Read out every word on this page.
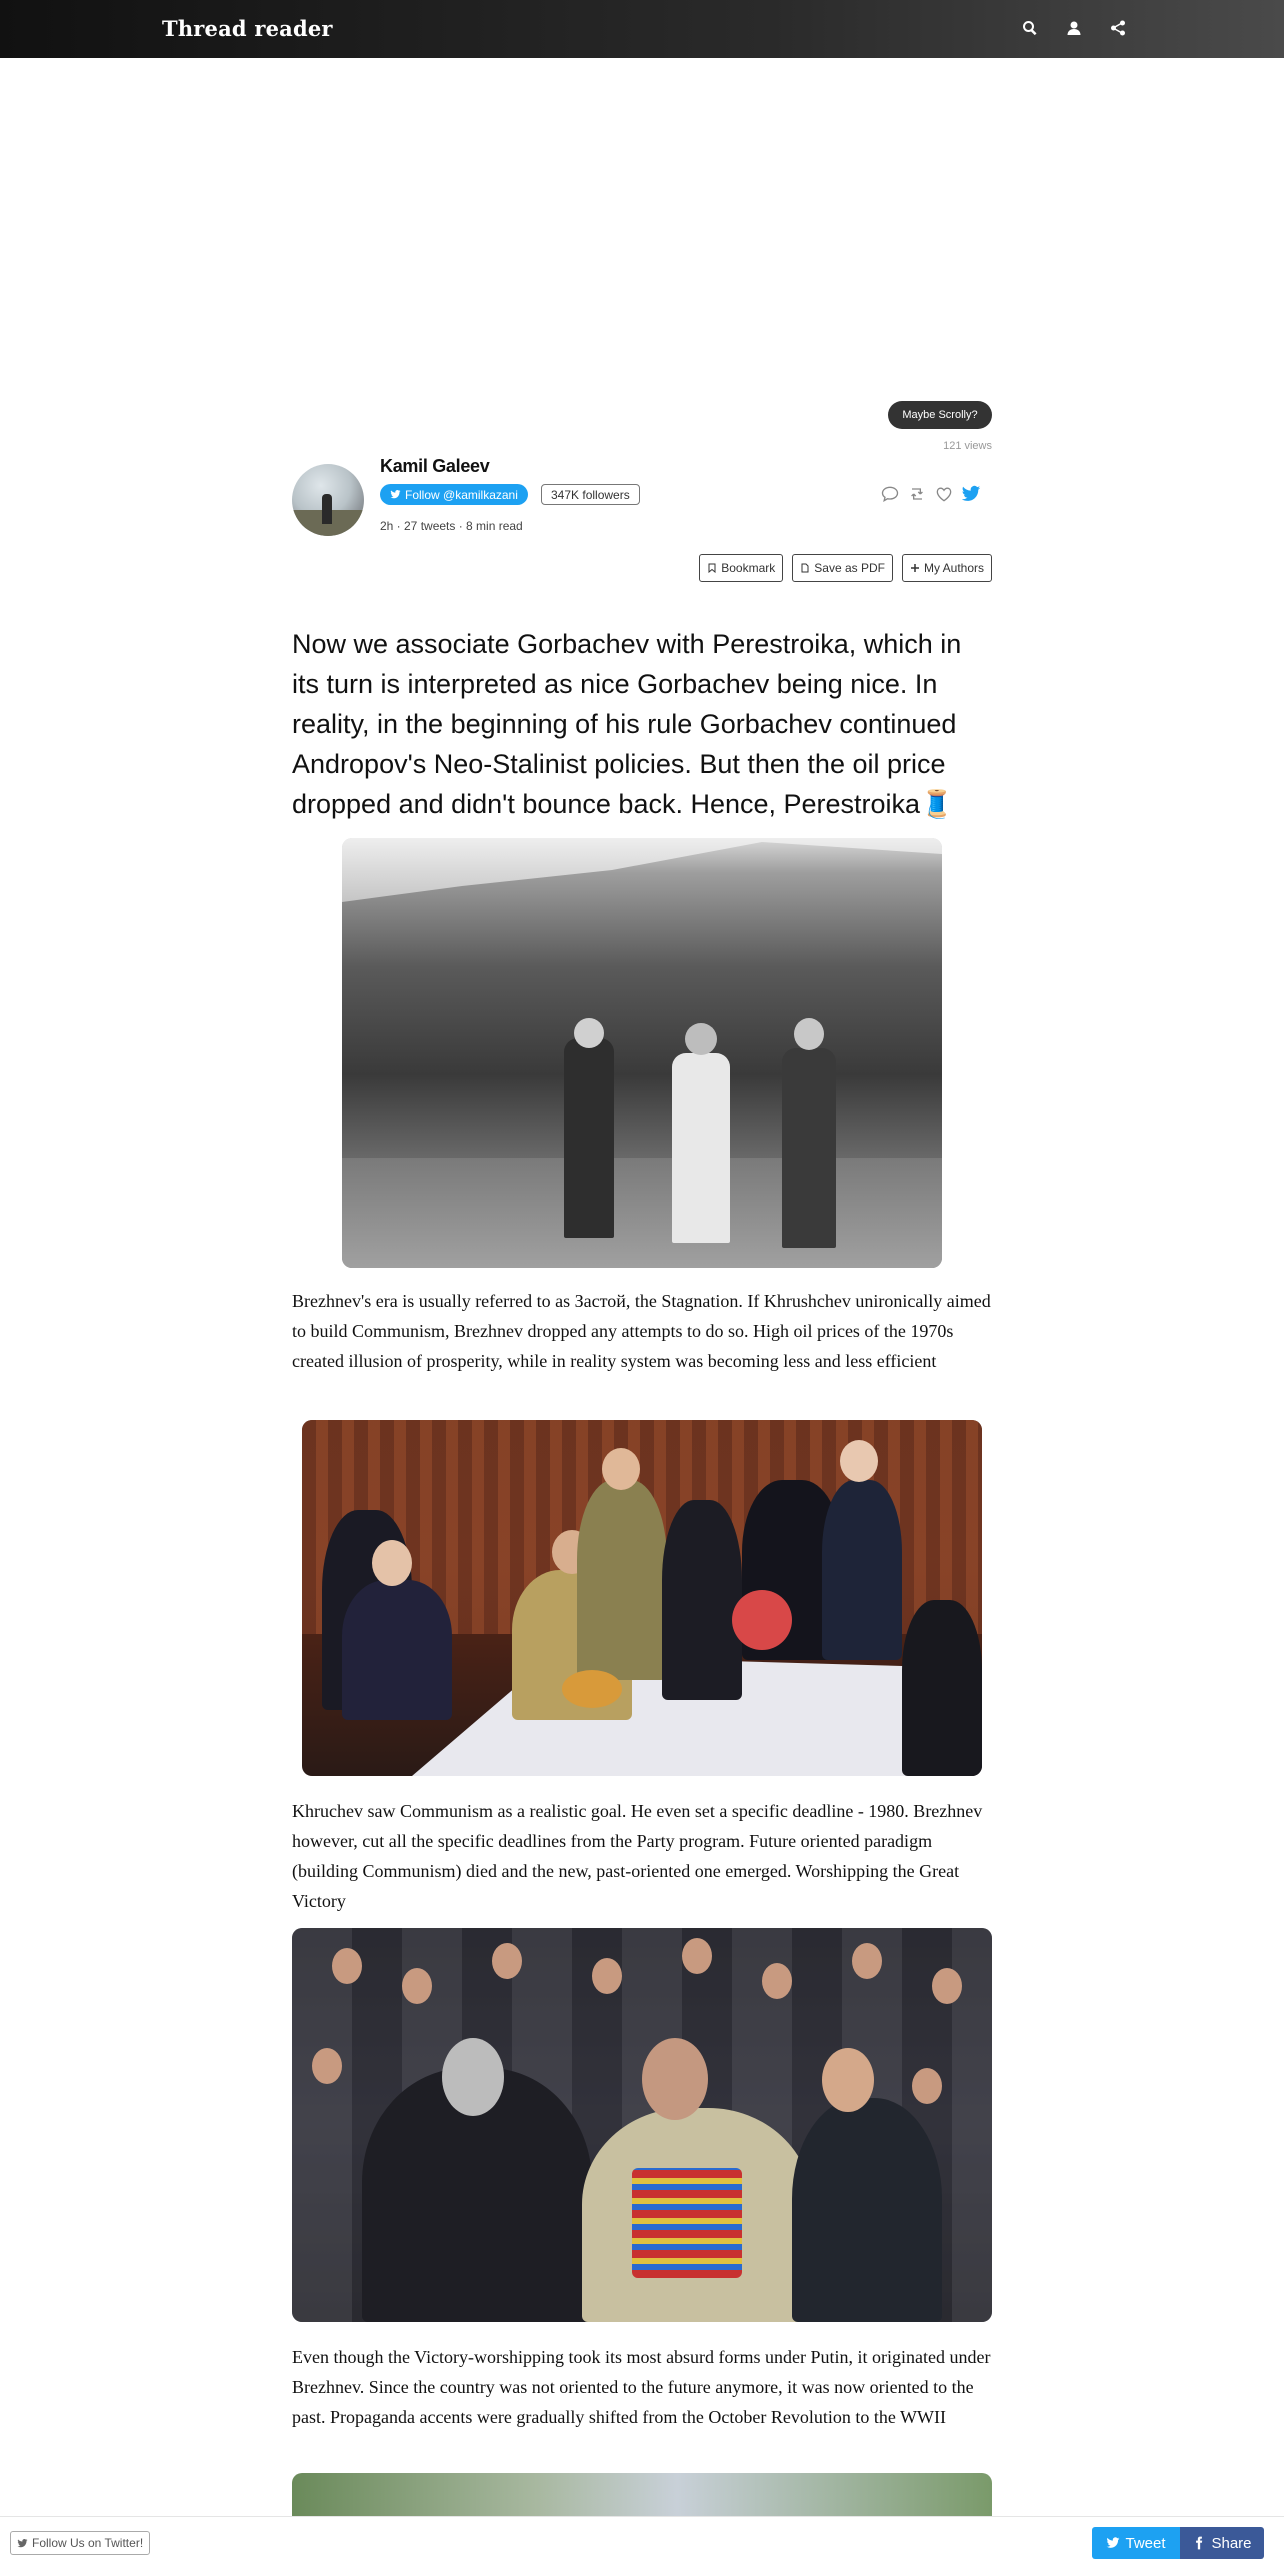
Thread reader
Maybe Scrolly?
121 views
Kamil Galeev
Follow @kamilkazani	347K followers
2h · 27 tweets · 8 min read
Bookmark	Save as PDF	My Authors
Now we associate Gorbachev with Perestroika, which in its turn is interpreted as nice Gorbachev being nice. In reality, in the beginning of his rule Gorbachev continued Andropov's Neo-Stalinist policies. But then the oil price dropped and didn't bounce back. Hence, Perestroika🧵
Brezhnev's era is usually referred to as Застой, the Stagnation. If Khrushchev unironically aimed to build Communism, Brezhnev dropped any attempts to do so. High oil prices of the 1970s created illusion of prosperity, while in reality system was becoming less and less efficient
Khruchev saw Communism as a realistic goal. He even set a specific deadline - 1980. Brezhnev however, cut all the specific deadlines from the Party program. Future oriented paradigm (building Communism) died and the new, past-oriented one emerged. Worshipping the Great Victory
Even though the Victory-worshipping took its most absurd forms under Putin, it originated under Brezhnev. Since the country was not oriented to the future anymore, it was now oriented to the past. Propaganda accents were gradually shifted from the October Revolution to the WWII
Follow Us on Twitter!	Tweet	Share
